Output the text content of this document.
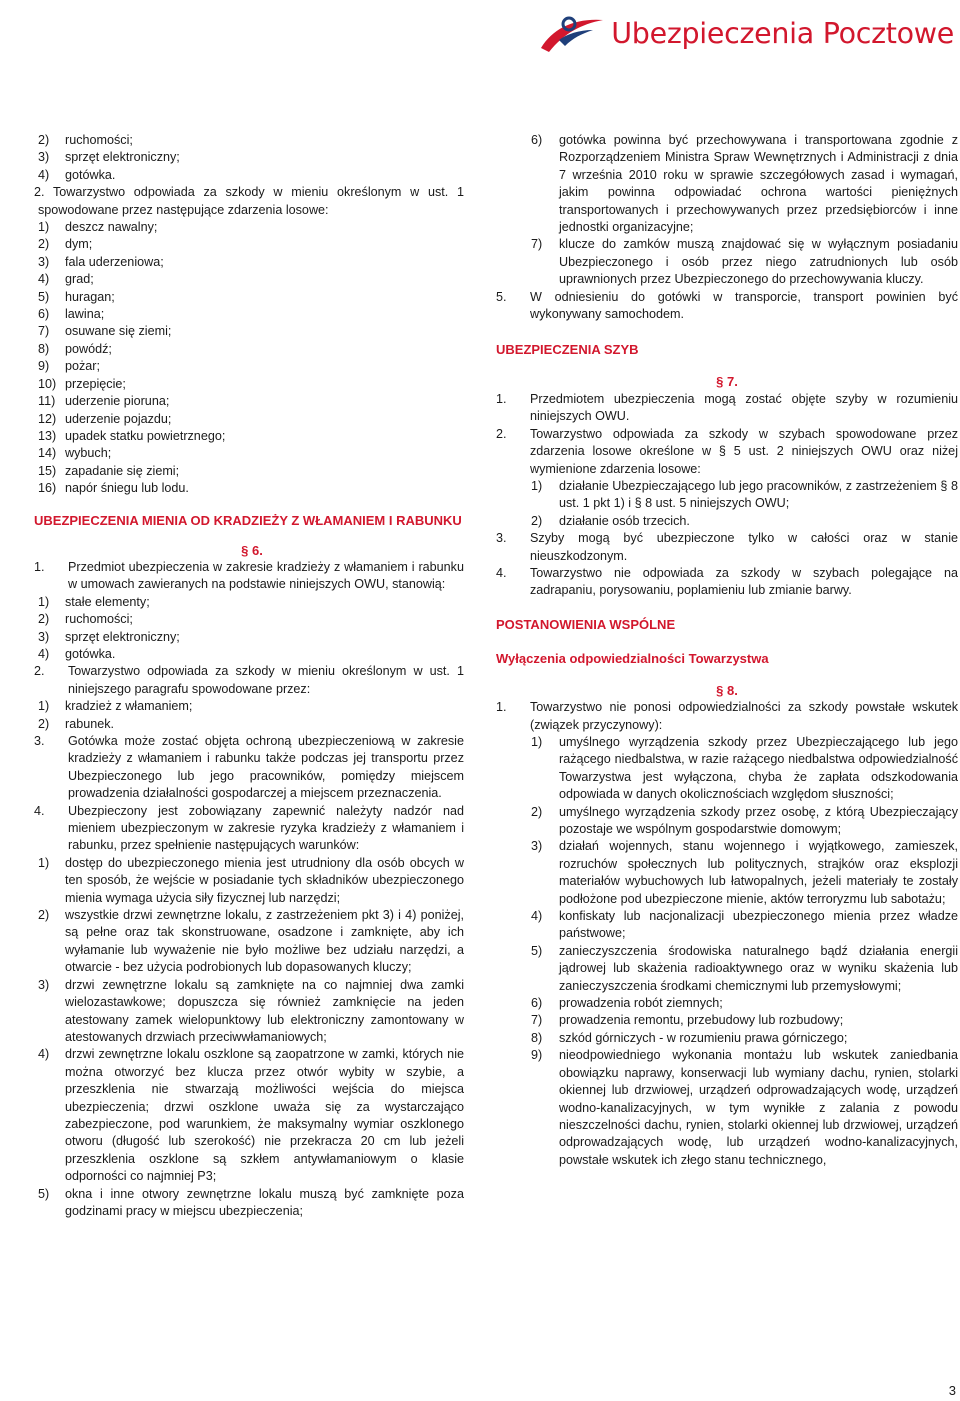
Ubezpieczenia Pocztowe
2)	ruchomości;
3)	sprzęt elektroniczny;
4)	gotówka.

2. Towarzystwo odpowiada za szkody w mieniu określonym w ust. 1

spowodowane przez następujące zdarzenia losowe:

1)	deszcz nawalny;
2)	dym;
3)	fala uderzeniowa;
4)	grad;
5)	huragan;
6)	lawina;
7)	osuwane się ziemi;
8)	powódź;
9)	pożar;
10) przepięcie;
11) uderzenie pioruna;
12) uderzenie pojazdu;
13) upadek statku powietrznego;
14) wybuch;
15) zapadanie się ziemi;
16) napór śniegu lub lodu.

UBEZPIECZENIA MIENIA OD KRADZIEŻY Z WŁAMANIEM I RABUNKU

§ 6.
1.	Przedmiot ubezpieczenia w zakresie kradzieży z włamaniem i rabunku w umowach zawieranych na podstawie niniejszych OWU, stanowią:
1)	stałe elementy;
2)	ruchomości;
3)	sprzęt elektroniczny;
4)	gotówka.
2.	Towarzystwo odpowiada za szkody w mieniu określonym w ust. 1 niniejszego paragrafu spowodowane przez:
1)	kradzież z włamaniem;
2)	rabunek.
3.	Gotówka może zostać objęta ochroną ubezpieczeniową w zakresie kradzieży z włamaniem i rabunku także podczas jej transportu przez Ubezpieczonego lub jego pracowników, pomiędzy miejscem prowadzenia działalności gospodarczej a miejscem przeznaczenia.
4.	Ubezpieczony jest zobowiązany zapewnić należyty nadzór nad mieniem ubezpieczonym w zakresie ryzyka kradzieży z włamaniem i rabunku, przez spełnienie następujących warunków:
1)	dostęp do ubezpieczonego mienia jest utrudniony dla osób obcych w ten sposób, że wejście w posiadanie tych składników ubezpieczonego mienia wymaga użycia siły fizycznej lub narzędzi;
2)	wszystkie drzwi zewnętrzne lokalu, z zastrzeżeniem pkt 3) i 4) poniżej, są pełne oraz tak skonstruowane, osadzone i zamknięte, aby ich wyłamanie lub wyważenie nie było możliwe bez udziału narzędzi, a otwarcie - bez użycia podrobionych lub dopasowanych kluczy;
3)	drzwi zewnętrzne lokalu są zamknięte na co najmniej dwa zamki wielozastawkowe; dopuszcza się również zamknięcie na jeden atestowany zamek wielopunktowy lub elektroniczny zamontowany w atestowanych drzwiach przeciwwłamaniowych;
4)	drzwi zewnętrzne lokalu oszklone są zaopatrzone w zamki, których nie można otworzyć bez klucza przez otwór wybity w szybie, a przeszklenia nie stwarzają możliwości wejścia do miejsca ubezpieczenia; drzwi oszklone uważa się za wystarczająco zabezpieczone, pod warunkiem, że maksymalny wymiar oszklonego otworu (długość lub szerokość) nie przekracza 20 cm lub jeżeli przeszklenia oszklone są szkłem antywłamaniowym o klasie odporności co najmniej P3;
5)	okna i inne otwory zewnętrzne lokalu muszą być zamknięte poza godzinami pracy w miejscu ubezpieczenia;
6)	gotówka powinna być przechowywana i transportowana zgodnie z Rozporządzeniem Ministra Spraw Wewnętrznych i Administracji z dnia 7 września 2010 roku w sprawie szczegółowych zasad i wymagań, jakim powinna odpowiadać ochrona wartości pieniężnych transportowanych i przechowywanych przez przedsiębiorców i inne jednostki organizacyjne;
7)	klucze do zamków muszą znajdować się w wyłącznym posiadaniu Ubezpieczonego i osób przez niego zatrudnionych lub osób uprawnionych przez Ubezpieczonego do przechowywania kluczy.
5.	W odniesieniu do gotówki w transporcie, transport powinien być wykonywany samochodem.

UBEZPIECZENIA SZYB

§ 7.
1.	Przedmiotem ubezpieczenia mogą zostać objęte szyby w rozumieniu niniejszych OWU.
2.	Towarzystwo odpowiada za szkody w szybach spowodowane przez zdarzenia losowe określone w § 5 ust. 2 niniejszych OWU oraz niżej wymienione zdarzenia losowe:
1)	działanie Ubezpieczającego lub jego pracowników, z zastrzeżeniem § 8 ust. 1 pkt 1) i § 8 ust. 5 niniejszych OWU;
2)	działanie osób trzecich.
3.	Szyby mogą być ubezpieczone tylko w całości oraz w stanie nieuszkodzonym.
4.	Towarzystwo nie odpowiada za szkody w szybach polegające na zadrapaniu, porysowaniu, poplamieniu lub zmianie barwy.

POSTANOWIENIA WSPÓLNE

Wyłączenia odpowiedzialności Towarzystwa

§ 8.
1.	Towarzystwo nie ponosi odpowiedzialności za szkody powstałe wskutek (związek przyczynowy):
1)	umyślnego wyrządzenia szkody przez Ubezpieczającego lub jego rażącego niedbalstwa, w razie rażącego niedbalstwa odpowiedzialność Towarzystwa jest wyłączona, chyba że zapłata odszkodowania odpowiada w danych okolicznościach względom słuszności;
2)	umyślnego wyrządzenia szkody przez osobę, z którą Ubezpieczający pozostaje we wspólnym gospodarstwie domowym;
3)	działań wojennych, stanu wojennego i wyjątkowego, zamieszek, rozruchów społecznych lub politycznych, strajków oraz eksplozji materiałów wybuchowych lub łatwopalnych, jeżeli materiały te zostały podłożone pod ubezpieczone mienie, aktów terroryzmu lub sabotażu;
4)	konfiskaty lub nacjonalizacji ubezpieczonego mienia przez władze państwowe;
5)	zanieczyszczenia środowiska naturalnego bądź działania energii jądrowej lub skażenia radioaktywnego oraz w wyniku skażenia lub zanieczyszczenia środkami chemicznymi lub przemysłowymi;
6)	prowadzenia robót ziemnych;
7)	prowadzenia remontu, przebudowy lub rozbudowy;
8)	szkód górniczych - w rozumieniu prawa górniczego;
9)	nieodpowiedniego wykonania montażu lub wskutek zaniedbania obowiązku naprawy, konserwacji lub wymiany dachu, rynien, stolarki okiennej lub drzwiowej, urządzeń odprowadzających wodę, urządzeń wodno-kanalizacyjnych, w tym wynikłe z zalania z powodu nieszczelności dachu, rynien, stolarki okiennej lub drzwiowej, urządzeń odprowadzających wodę, lub urządzeń wodno-kanalizacyjnych, powstałe wskutek ich złego stanu technicznego,
3
